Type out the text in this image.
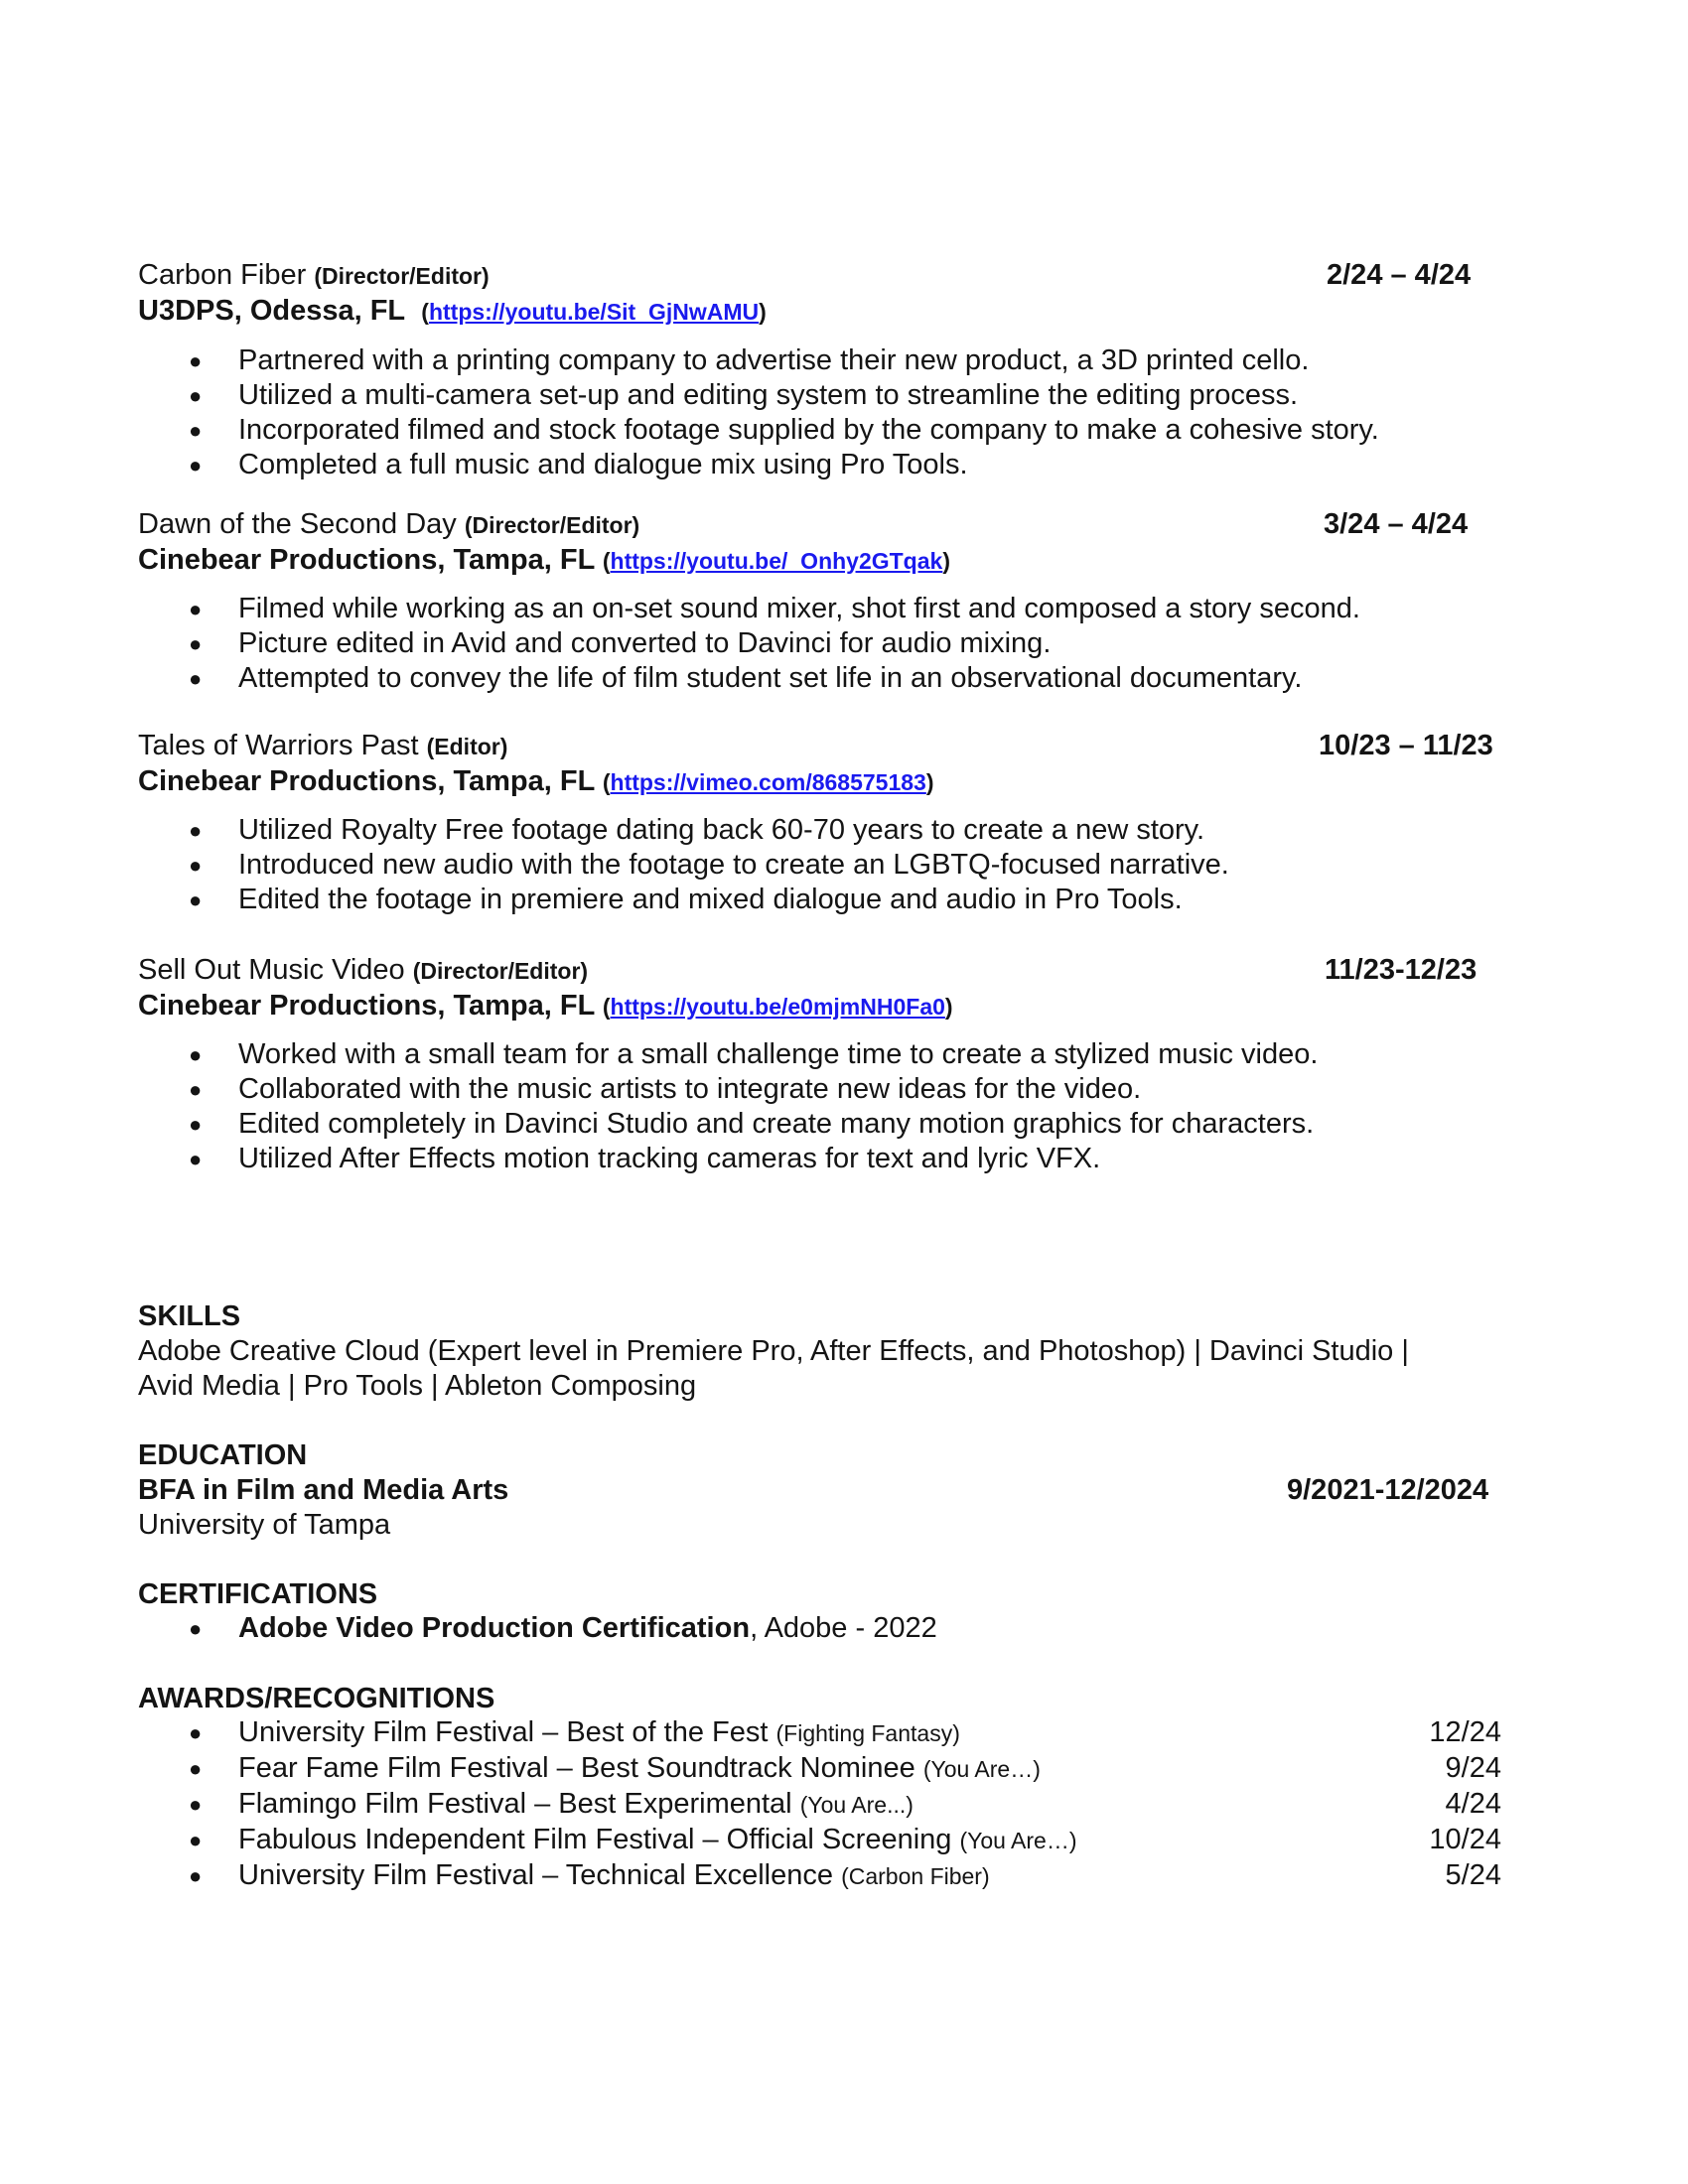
Carbon Fiber (Director/Editor)	2/24 – 4/24
U3DPS, Odessa, FL (https://youtu.be/Sit_GjNwAMU)
● Partnered with a printing company to advertise their new product, a 3D printed cello.
● Utilized a multi-camera set-up and editing system to streamline the editing process.
● Incorporated filmed and stock footage supplied by the company to make a cohesive story.
● Completed a full music and dialogue mix using Pro Tools.
Dawn of the Second Day (Director/Editor)	3/24 – 4/24
Cinebear Productions, Tampa, FL (https://youtu.be/_Onhy2GTqak)
● Filmed while working as an on-set sound mixer, shot first and composed a story second.
● Picture edited in Avid and converted to Davinci for audio mixing.
● Attempted to convey the life of film student set life in an observational documentary.
Tales of Warriors Past (Editor)	10/23 – 11/23
Cinebear Productions, Tampa, FL (https://vimeo.com/868575183)
● Utilized Royalty Free footage dating back 60-70 years to create a new story.
● Introduced new audio with the footage to create an LGBTQ-focused narrative.
● Edited the footage in premiere and mixed dialogue and audio in Pro Tools.
Sell Out Music Video (Director/Editor)	11/23-12/23
Cinebear Productions, Tampa, FL (https://youtu.be/e0mjmNH0Fa0)
● Worked with a small team for a small challenge time to create a stylized music video.
● Collaborated with the music artists to integrate new ideas for the video.
● Edited completely in Davinci Studio and create many motion graphics for characters.
● Utilized After Effects motion tracking cameras for text and lyric VFX.
SKILLS
Adobe Creative Cloud (Expert level in Premiere Pro, After Effects, and Photoshop) | Davinci Studio |
Avid Media | Pro Tools | Ableton Composing
EDUCATION
BFA in Film and Media Arts	9/2021-12/2024
University of Tampa
CERTIFICATIONS
● Adobe Video Production Certification, Adobe - 2022
AWARDS/RECOGNITIONS
● University Film Festival – Best of the Fest (Fighting Fantasy)	12/24
● Fear Fame Film Festival – Best Soundtrack Nominee (You Are…)	9/24
● Flamingo Film Festival – Best Experimental (You Are...)	4/24
● Fabulous Independent Film Festival – Official Screening (You Are…)	10/24
● University Film Festival – Technical Excellence (Carbon Fiber)	5/24
